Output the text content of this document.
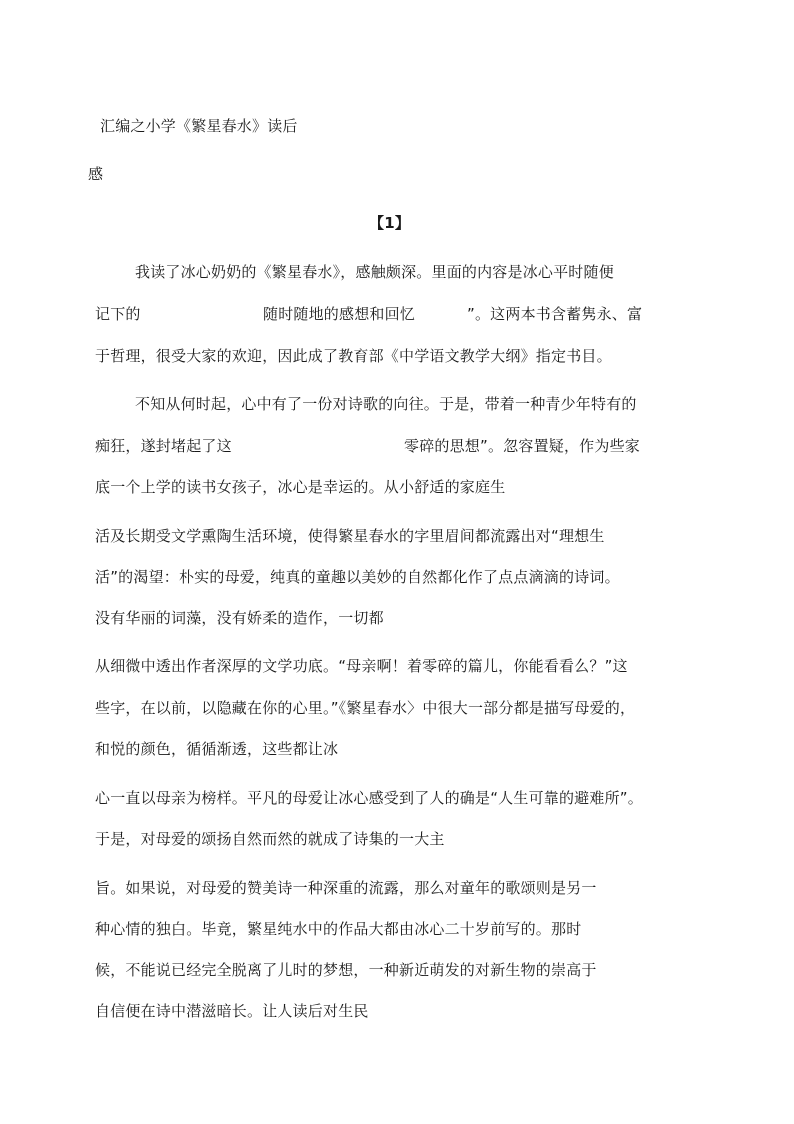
汇编之小学《繁星春水》读后

感

【1】

我读了冰心奶奶的《繁星春水》，感触颇深。里面的内容是冰心平时随便

记下的	随时随地的感想和回忆	”。这两本书含蓄隽永、富

于哲理，很受大家的欢迎，因此成了教育部《中学语文教学大纲》指定书目。

不知从何时起，心中有了一份对诗歌的向往。于是，带着一种青少年特有的

痴狂，遂封堵起了这	零碎的思想”。忽容置疑，作为些家

底一个上学的读书女孩子，冰心是幸运的。从小舒适的家庭生

活及长期受文学熏陶生活环境，使得繁星春水的字里眉间都流露出对“理想生

活”的渴望：朴实的母爱，纯真的童趣以美妙的自然都化作了点点滴滴的诗词。

没有华丽的词藻，没有娇柔的造作，一切都

从细微中透出作者深厚的文学功底。“母亲啊！着零碎的篇儿，你能看看么？”这

些字，在以前，以隐藏在你的心里。”《繁星春水〉中很大一部分都是描写母爱的，

和悦的颜色，循循渐透，这些都让冰

心一直以母亲为榜样。平凡的母爱让冰心感受到了人的确是“人生可靠的避难所”。

于是，对母爱的颂扬自然而然的就成了诗集的一大主

旨。如果说，对母爱的赞美诗一种深重的流露，那么对童年的歌颂则是另一

种心情的独白。毕竟，繁星纯水中的作品大都由冰心二十岁前写的。那时

候，不能说已经完全脱离了儿时的梦想，一种新近萌发的对新生物的崇高于

自信便在诗中潜滋暗长。让人读后对生民
